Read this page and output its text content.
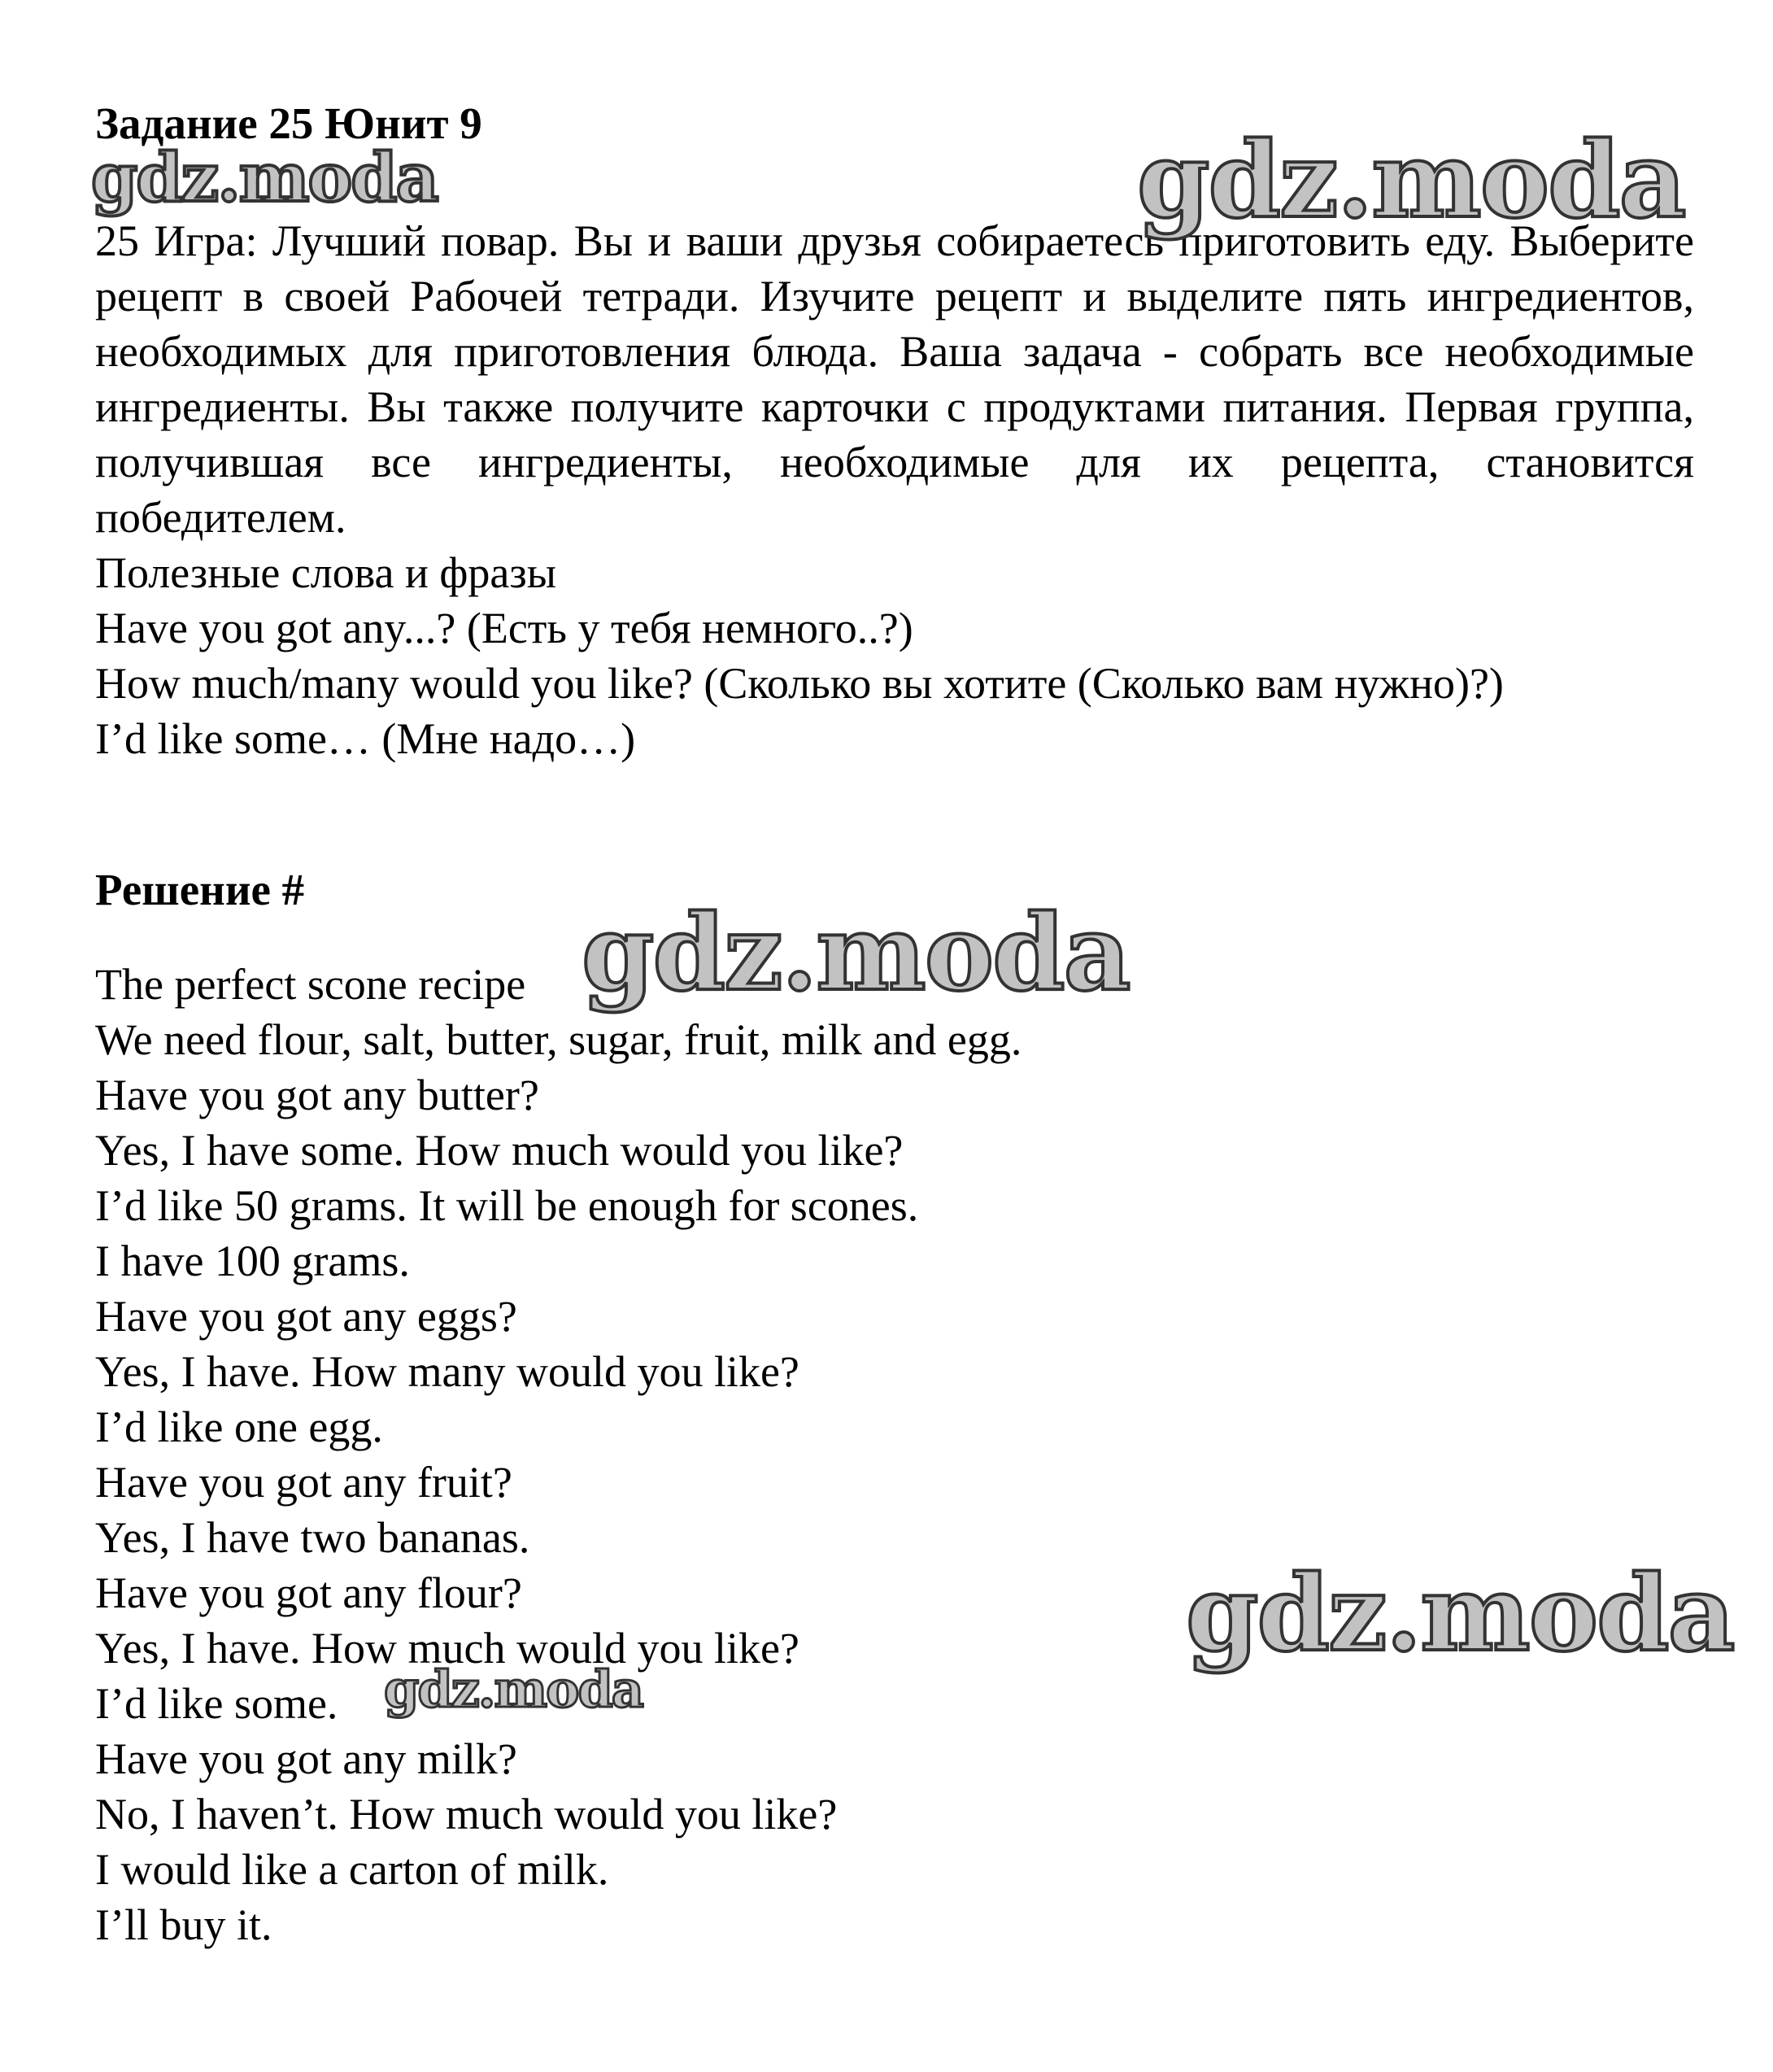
Задание 25 Юнит 9
25 Игра: Лучший повар. Вы и ваши друзья собираетесь приготовить еду. Выберите рецепт в своей Рабочей тетради. Изучите рецепт и выделите пять ингредиентов, необходимых для приготовления блюда. Ваша задача - собрать все необходимые ингредиенты. Вы также получите карточки с продуктами питания. Первая группа, получившая все ингредиенты, необходимые для их рецепта, становится победителем.
Полезные слова и фразы
Have you got any...? (Есть у тебя немного..?)
How much/many would you like? (Сколько вы хотите (Сколько вам нужно)?)
I’d like some… (Мне надо…)
Решение #
The perfect scone recipe
We need flour, salt, butter, sugar, fruit, milk and egg.
Have you got any butter?
Yes, I have some. How much would you like?
I’d like 50 grams. It will be enough for scones.
I have 100 grams.
Have you got any eggs?
Yes, I have. How many would you like?
I’d like one egg.
Have you got any fruit?
Yes, I have two bananas.
Have you got any flour?
Yes, I have. How much would you like?
I’d like some.
Have you got any milk?
No, I haven’t. How much would you like?
I would like a carton of milk.
I’ll buy it.
gdz.moda	gdz.moda
gdz.moda
gdz.moda
gdz.moda
